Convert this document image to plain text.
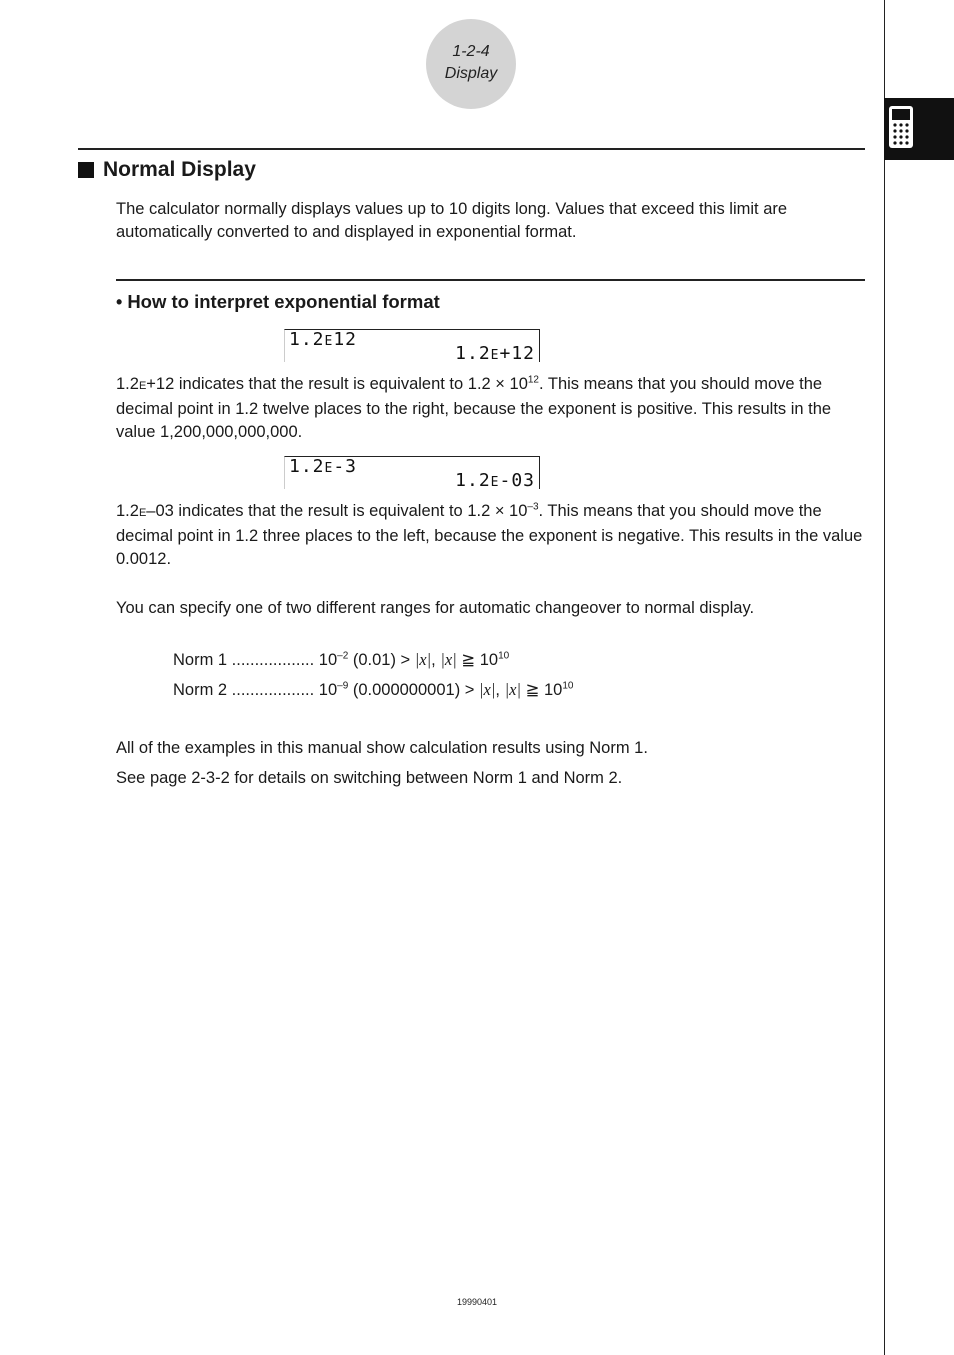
1-2-4
Display
Normal Display
The calculator normally displays values up to 10 digits long. Values that exceed this limit are automatically converted to and displayed in exponential format.
• How to interpret exponential format
1.2E12
1.2E+12
1.2E+12 indicates that the result is equivalent to $1.2 \times 10^{12}$. This means that you should move the decimal point in 1.2 twelve places to the right, because the exponent is positive. This results in the value 1,200,000,000,000.
1.2E-3
1.2E-03
1.2E–03 indicates that the result is equivalent to $1.2 \times 10^{-3}$. This means that you should move the decimal point in 1.2 three places to the left, because the exponent is negative. This results in the value 0.0012.
You can specify one of two different ranges for automatic changeover to normal display.
Norm 1 .................. $10^{-2}$ (0.01) > |x|, |x| ≧ $10^{10}$
Norm 2 .................. $10^{-9}$ (0.000000001) > |x|, |x| ≧ $10^{10}$
All of the examples in this manual show calculation results using Norm 1.
See page 2-3-2 for details on switching between Norm 1 and Norm 2.
19990401
